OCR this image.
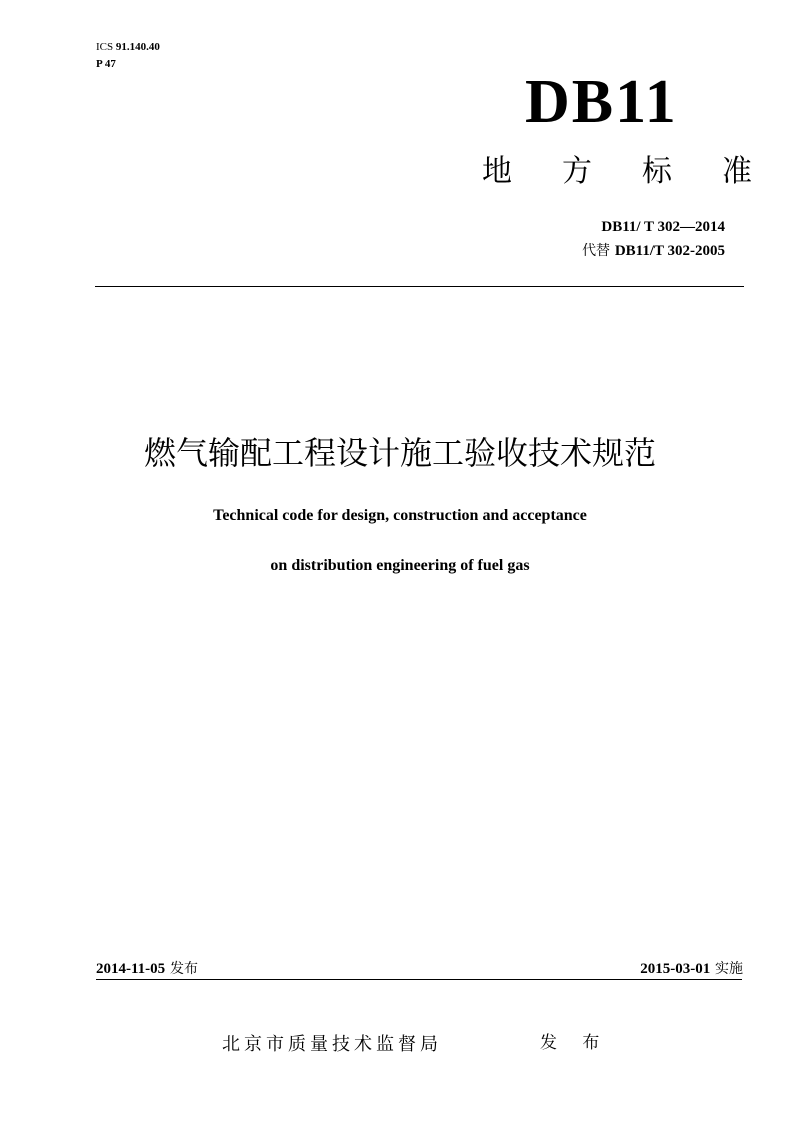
ICS 91.140.40
P 47
DB11
地 方 标 准
DB11/ T 302—2014
代替 DB11/T 302-2005
燃气输配工程设计施工验收技术规范
Technical code for design, construction and acceptance
on distribution engineering of fuel gas
2014-11-05 发布	2015-03-01 实施
北京市质量技术监督局	发 布
